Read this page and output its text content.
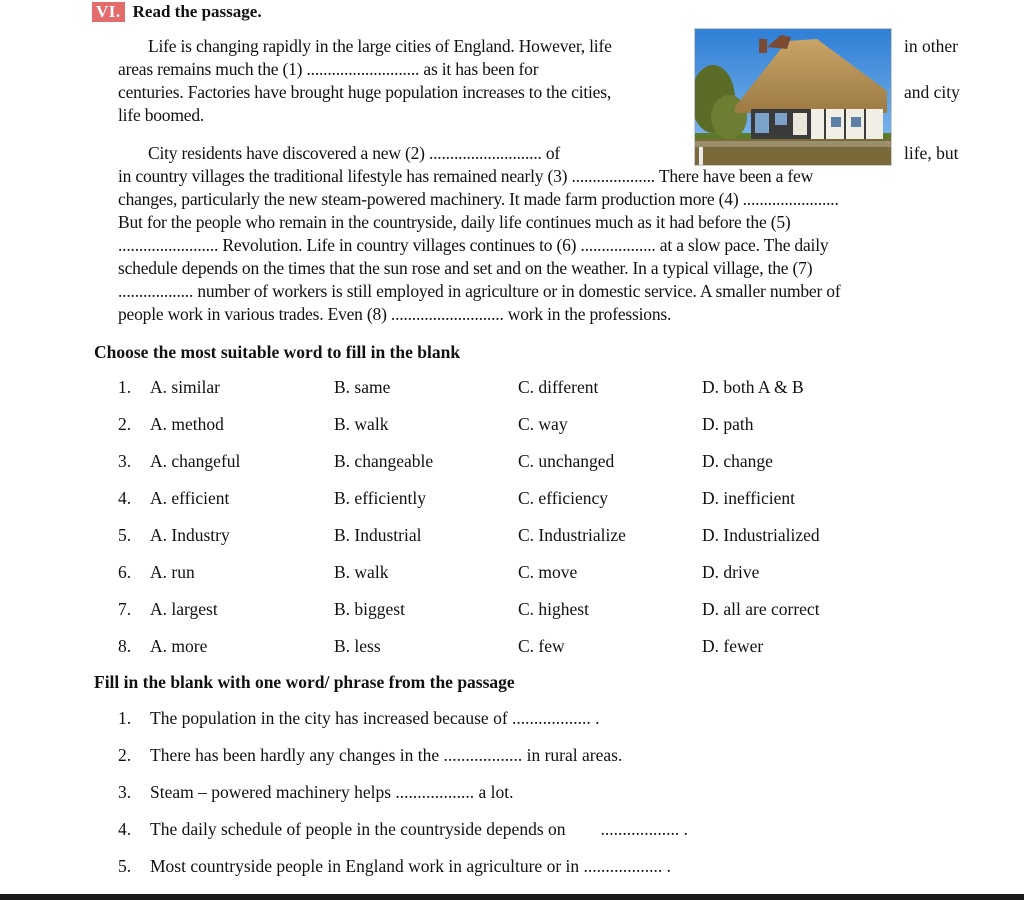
VI. Read the passage.
Life is changing rapidly in the large cities of England. However, life
areas remains much the (1) ........................... as it has been for
centuries. Factories have brought huge population increases to the cities,
life boomed.
City residents have discovered a new (2) ........................... of
in country villages the traditional lifestyle has remained nearly (3) .................... There have been a few
changes, particularly the new steam-powered machinery. It made farm production more (4) .......................
But for the people who remain in the countryside, daily life continues much as it had before the (5)
........................ Revolution. Life in country villages continues to (6) .................. at a slow pace. The daily
schedule depends on the times that the sun rose and set and on the weather. In a typical village, the (7)
.................. number of workers is still employed in agriculture or in domestic service. A smaller number of
people work in various trades. Even (8) ........................... work in the professions.
in other
and city
life, but
Choose the most suitable word to fill in the blank
1.	A. similar	B. same	C. different	D. both A & B
2.	A. method	B. walk	C. way	D. path
3.	A. changeful	B. changeable	C. unchanged	D. change
4.	A. efficient	B. efficiently	C. efficiency	D. inefficient
5.	A. Industry	B. Industrial	C. Industrialize	D. Industrialized
6.	A. run	B. walk	C. move	D. drive
7.	A. largest	B. biggest	C. highest	D. all are correct
8.	A. more	B. less	C. few	D. fewer
Fill in the blank with one word/ phrase from the passage
1. The population in the city has increased because of .................. .
2. There has been hardly any changes in the .................. in rural areas.
3. Steam – powered machinery helps .................. a lot.
4. The daily schedule of people in the countryside depends on        .................. .
5. Most countryside people in England work in agriculture or in .................. .
